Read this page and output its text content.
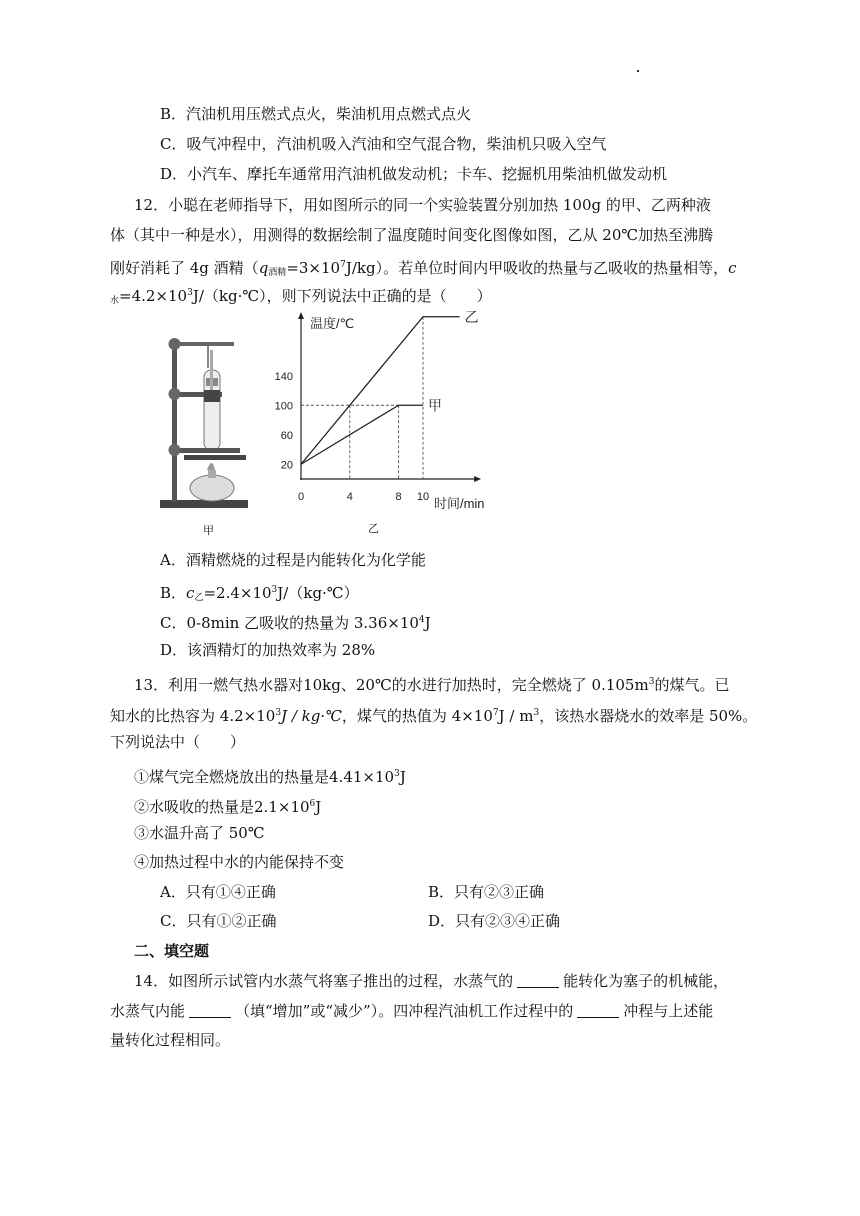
B．汽油机用压燃式点火，柴油机用点燃式点火
C．吸气冲程中，汽油机吸入汽油和空气混合物，柴油机只吸入空气
D．小汽车、摩托车通常用汽油机做发动机；卡车、挖掘机用柴油机做发动机
12．小聪在老师指导下，用如图所示的同一个实验装置分别加热 100g 的甲、乙两种液
体（其中一种是水），用测得的数据绘制了温度随时间变化图像如图，乙从 20℃加热至沸腾
刚好消耗了 4g 酒精$(q_{酒精}=3\times 10^7J/kg)$。若单位时间内甲吸收的热量与乙吸收的热量相等，c
$_水=4.2\times 10^3J/(kg\cdot℃)$，则下列说法中正确的是（　　）
甲
温度/℃
时间/min
20
60
100
140
0	4	8 10
乙
甲
乙
A．酒精燃烧的过程是内能转化为化学能
B．$c_乙=2.4\times 10^3J/(kg\cdot℃)$
C．0-8min 乙吸收的热量为 $3.36\times 10^4J$
D．该酒精灯的加热效率为 28%
13．利用一燃气热水器对10kg、20℃的水进行加热时，完全燃烧了 $0.105m^3$的煤气。已
知水的比热容为 $4.2\times 10^3J$ / kg·℃，煤气的热值为 $4\times 10^7J / m^3$，该热水器烧水的效率是 50%。
下列说法中（　　）
①煤气完全燃烧放出的热量是$4.41\times 10^3J$
②水吸收的热量是$2.1\times 10^6J$
③水温升高了 50℃
④加热过程中水的内能保持不变
A．只有①④正确	B．只有②③正确
C．只有①②正确	D．只有②③④正确
二、填空题
14．如图所示试管内水蒸气将塞子推出的过程，水蒸气的	能转化为塞子的机械能，
水蒸气内能	（填“增加”或“减少”）。四冲程汽油机工作过程中的	冲程与上述能
量转化过程相同。
